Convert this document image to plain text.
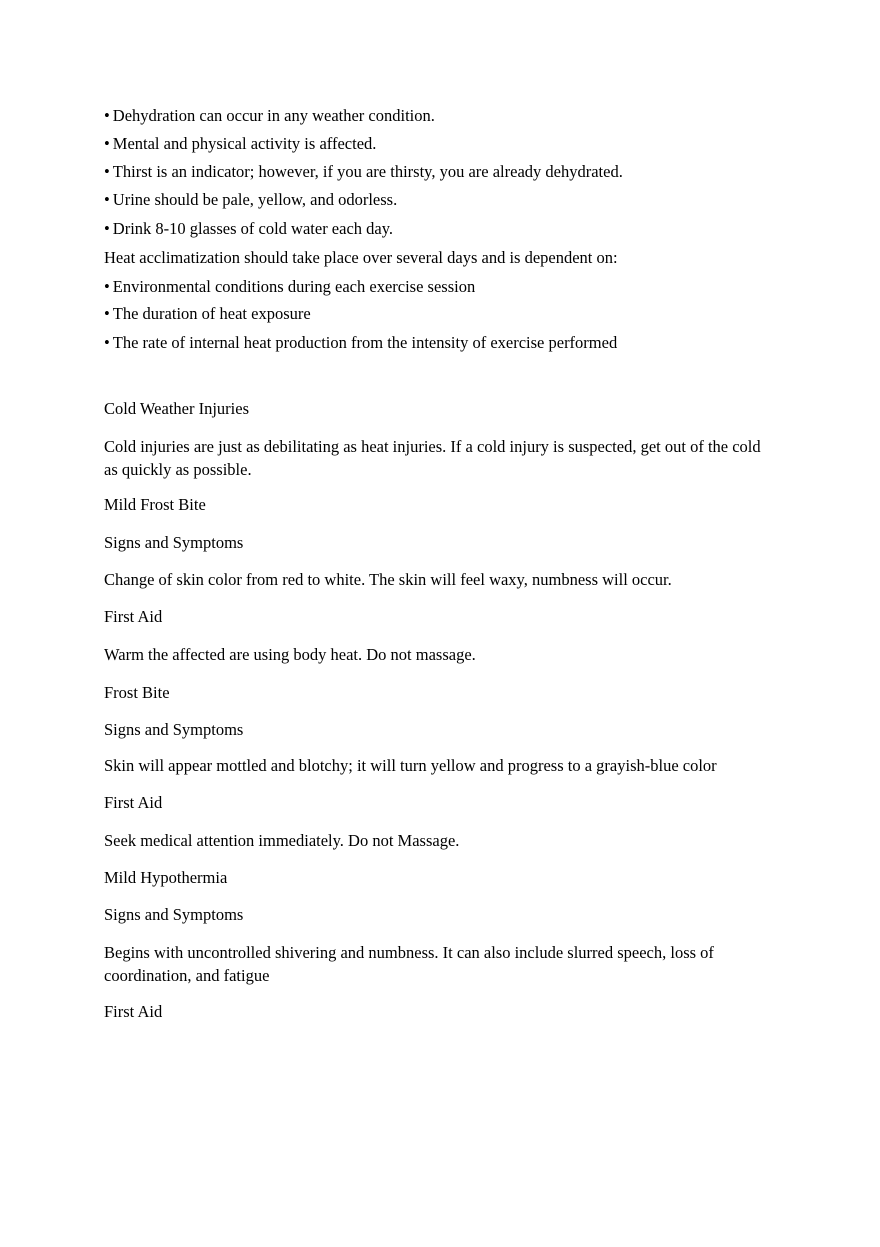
• Dehydration can occur in any weather condition.
• Mental and physical activity is affected.
• Thirst is an indicator; however, if you are thirsty, you are already dehydrated.
• Urine should be pale, yellow, and odorless.
• Drink 8-10 glasses of cold water each day.
Heat acclimatization should take place over several days and is dependent on:
• Environmental conditions during each exercise session
• The duration of heat exposure
• The rate of internal heat production from the intensity of exercise performed
Cold Weather Injuries
Cold injuries are just as debilitating as heat injuries. If a cold injury is suspected, get out of the cold as quickly as possible.
Mild Frost Bite
Signs and Symptoms
Change of skin color from red to white. The skin will feel waxy, numbness will occur.
First Aid
Warm the affected are using body heat. Do not massage.
Frost Bite
Signs and Symptoms
Skin will appear mottled and blotchy; it will turn yellow and progress to a grayish-blue color
First Aid
Seek medical attention immediately. Do not Massage.
Mild Hypothermia
Signs and Symptoms
Begins with uncontrolled shivering and numbness. It can also include slurred speech, loss of coordination, and fatigue
First Aid
